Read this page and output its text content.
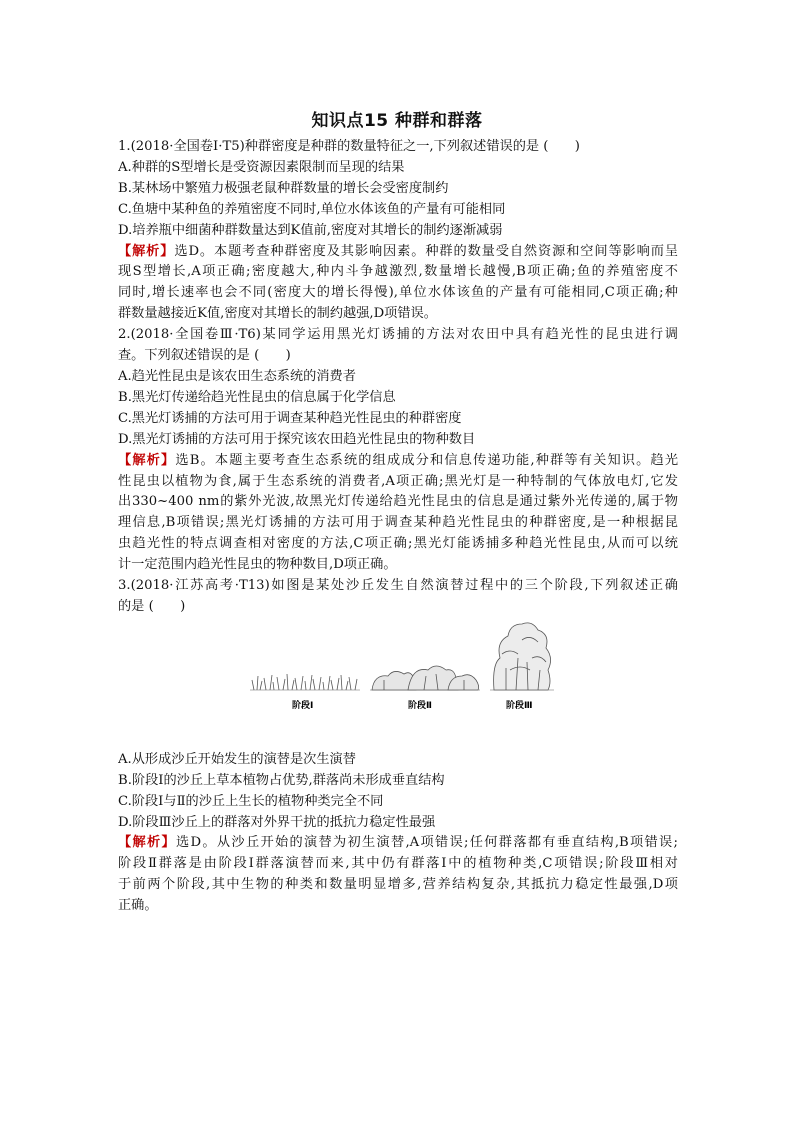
知识点15 种群和群落
1.(2018·全国卷Ⅰ·T5)种群密度是种群的数量特征之一,下列叙述错误的是 (　　)
A.种群的S型增长是受资源因素限制而呈现的结果
B.某林场中繁殖力极强老鼠种群数量的增长会受密度制约
C.鱼塘中某种鱼的养殖密度不同时,单位水体该鱼的产量有可能相同
D.培养瓶中细菌种群数量达到K值前,密度对其增长的制约逐渐减弱
【解析】选D。本题考查种群密度及其影响因素。种群的数量受自然资源和空间等影响而呈
现S型增长,A项正确;密度越大,种内斗争越激烈,数量增长越慢,B项正确;鱼的养殖密度不
同时,增长速率也会不同(密度大的增长得慢),单位水体该鱼的产量有可能相同,C项正确;种
群数量越接近K值,密度对其增长的制约越强,D项错误。
2.(2018·全国卷Ⅲ·T6)某同学运用黑光灯诱捕的方法对农田中具有趋光性的昆虫进行调
查。下列叙述错误的是 (　　)
A.趋光性昆虫是该农田生态系统的消费者
B.黑光灯传递给趋光性昆虫的信息属于化学信息
C.黑光灯诱捕的方法可用于调查某种趋光性昆虫的种群密度
D.黑光灯诱捕的方法可用于探究该农田趋光性昆虫的物种数目
【解析】选B。本题主要考查生态系统的组成成分和信息传递功能,种群等有关知识。趋光
性昆虫以植物为食,属于生态系统的消费者,A项正确;黑光灯是一种特制的气体放电灯,它发
出330~400 nm的紫外光波,故黑光灯传递给趋光性昆虫的信息是通过紫外光传递的,属于物
理信息,B项错误;黑光灯诱捕的方法可用于调查某种趋光性昆虫的种群密度,是一种根据昆
虫趋光性的特点调查相对密度的方法,C项正确;黑光灯能诱捕多种趋光性昆虫,从而可以统
计一定范围内趋光性昆虫的物种数目,D项正确。
3.(2018·江苏高考·T13)如图是某处沙丘发生自然演替过程中的三个阶段,下列叙述正确
的是 (　　)
阶段Ⅰ	阶段Ⅱ	阶段Ⅲ
A.从形成沙丘开始发生的演替是次生演替
B.阶段Ⅰ的沙丘上草本植物占优势,群落尚未形成垂直结构
C.阶段Ⅰ与Ⅱ的沙丘上生长的植物种类完全不同
D.阶段Ⅲ沙丘上的群落对外界干扰的抵抗力稳定性最强
【解析】选D。从沙丘开始的演替为初生演替,A项错误;任何群落都有垂直结构,B项错误;
阶段Ⅱ群落是由阶段Ⅰ群落演替而来,其中仍有群落Ⅰ中的植物种类,C项错误;阶段Ⅲ相对
于前两个阶段,其中生物的种类和数量明显增多,营养结构复杂,其抵抗力稳定性最强,D项
正确。
